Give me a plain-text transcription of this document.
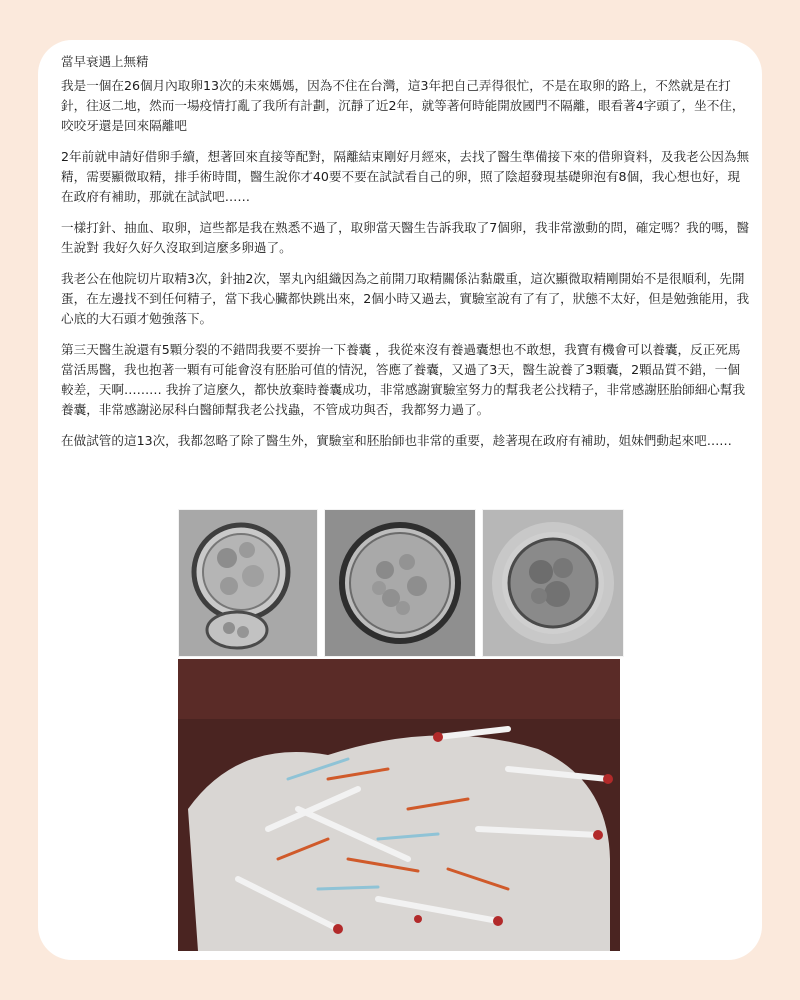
當早衰遇上無精

我是一個在26個月內取卵13次的未來媽媽，因為不住在台灣，這3年把自己弄得很忙，不是在取卵的路上，不然就是在打針，往返二地，然而一場疫情打亂了我所有計劃，沉靜了近2年，就等著何時能開放國門不隔離，眼看著4字頭了，坐不住，咬咬牙還是回來隔離吧

2年前就申請好借卵手續，想著回來直接等配對，隔離結束剛好月經來，去找了醫生準備接下來的借卵資料，及我老公因為無精，需要顯微取精，排手術時間，醫生說你才40要不要在試試看自己的卵，照了陰超發現基礎卵泡有8個，我心想也好，現在政府有補助，那就在試試吧……

一樣打針、抽血、取卵，這些都是我在熟悉不過了，取卵當天醫生告訴我取了7個卵，我非常激動的問，確定嗎？我的嗎，醫生說對 我好久好久沒取到這麼多卵過了。

我老公在他院切片取精3次，針抽2次，睪丸內組織因為之前開刀取精關係沾黏嚴重，這次顯微取精剛開始不是很順利，先開蛋，在左邊找不到任何精子，當下我心臟都快跳出來，2個小時又過去，實驗室說有了有了，狀態不太好，但是勉強能用，我心底的大石頭才勉強落下。

第三天醫生說還有5顆分裂的不錯問我要不要拚一下養囊 ，我從來沒有養過囊想也不敢想，我寶有機會可以養囊，反正死馬當活馬醫，我也抱著一顆有可能會沒有胚胎可值的情況，答應了養囊，又過了3天，醫生說養了3顆囊，2顆品質不錯，一個較差，天啊……… 我拚了這麼久，都快放棄時養囊成功，非常感謝實驗室努力的幫我老公找精子，非常感謝胚胎師細心幫我養囊，非常感謝泌尿科白醫師幫我老公找蟲，不管成功與否，我都努力過了。

在做試管的這13次，我都忽略了除了醫生外，實驗室和胚胎師也非常的重要，趁著現在政府有補助，姐妹們動起來吧……
